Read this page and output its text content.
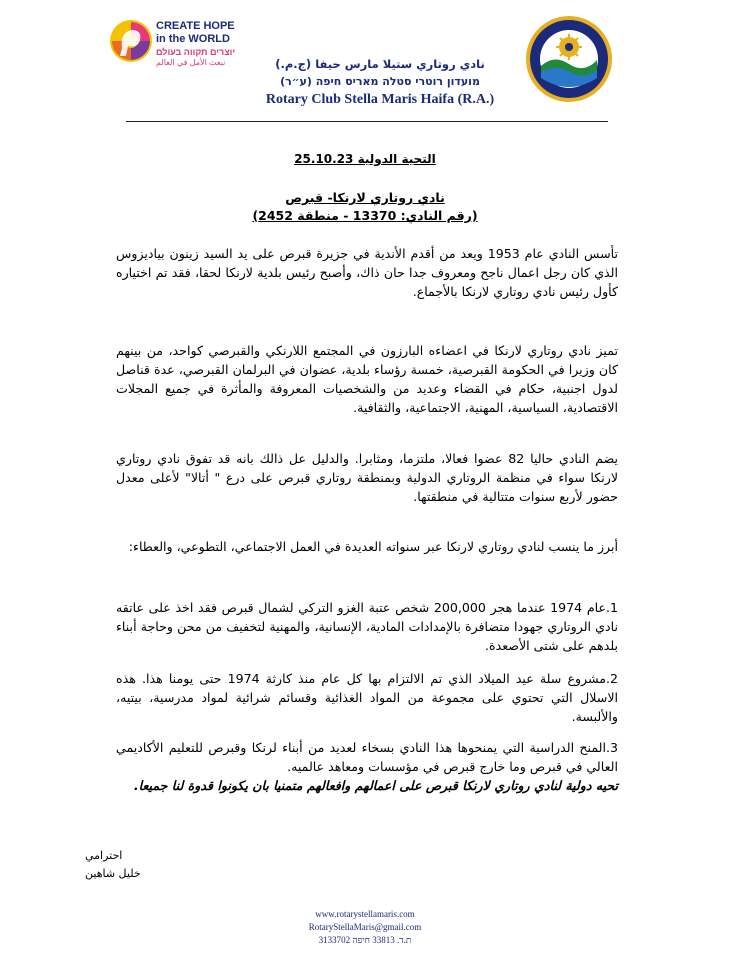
CREATE HOPE
in the WORLD
יוצרים תקווה בעולם
نبعث الأمل في العالم	نادي روتاري ستيلا مارس حيفا (ج.م.)
מועדון רוטרי סטלה מאריס חיפה (ע״ר)
Rotary Club Stella Maris Haifa (R.A.)
التحية الدولية 25.10.23
نادي روتاري لارنكا- قبرص
(رقم النادي: 13370 - منطقة 2452)
تأسس النادي عام 1953 ويعد من أقدم الأندية في جزيرة قبرص على يد السيد زينون بياديزوس الذي كان رجل اعمال ناجح ومعروف جدا حان ذاك، وأصبح رئيس بلدية لارنكا لحقا، فقد تم اختياره كأول رئيس نادي روتاري لارنكا بالأجماع.
تميز نادي روتاري لارنكا في اعضاءه البارزون في المجتمع اللارنكي والقبرصي كواحد، من بينهم كان وزيرا في الحكومة القبرصية، خمسة رؤساء بلدية، عضوان في البرلمان القبرصي، عدة قناصل لدول اجنبية، حكام في القضاء وعديد من والشخصيات المعروفة والمأثرة في جميع المجلات الاقتصادية، السياسية، المهنية، الاجتماعية، والثقافية.
يضم النادي حاليا 82 عضوا فعالا، ملتزما، ومثابرا. والدليل عل ذالك بانه قد تفوق نادي روتاري لارنكا سواء في منظمة الروتاري الدولية وبمنطقة روتاري قبرص على درع " أتالا" لأعلى معدل حضور لأربع سنوات متتالية في منطقتها.
أبرز ما ينسب لنادي روتاري لارنكا عبر سنواته العديدة في العمل الاجتماعي، التطوعي، والعطاء:
1.عام 1974 عندما هجر 200,000 شخص عتبة الغزو التركي لشمال قبرص فقد اخذ على عاتقه نادي الروتاري جهودا متضافرة بالإمدادات المادية، الإنسانية، والمهنية لتخفيف من محن وحاجة أبناء بلدهم على شتى الأصعدة.
2.مشروع سلة عيد الميلاد الذي تم الالتزام بها كل عام منذ كارثة 1974 حتى يومنا هذا. هذه الاسلال التي تحتوي على مجموعة من المواد الغذائية وقسائم شرائية لمواد مدرسية، بيتيه، والألبسة.
3.المنح الدراسية التي يمنحوها هذا النادي بسخاء لعديد من أبناء لرنكا وقبرص للتعليم الأكاديمي العالي في قبرص وما خارج قبرص في مؤسسات ومعاهد عالميه.
تحيه دولية لنادي روتاري لارنكا قبرص على اعمالهم وافعالهم متمنيا بان يكونوا قدوة لنا جميعا.
احترامي
خليل شاهين
www.rotarystellamaris.com
RotaryStellaMaris@gmail.com
ת.ד. 33813 חיפה 3133702
